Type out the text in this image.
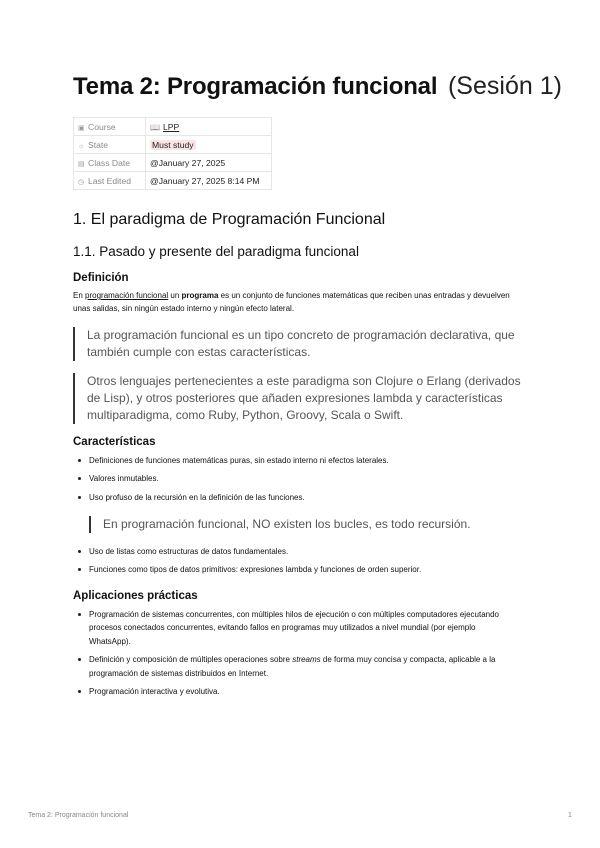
Tema 2: Programación funcional (Sesión 1)
▣ Course	📖 LPP
☼ State	Must study
▤ Class Date	@January 27, 2025
◷ Last Edited	@January 27, 2025 8:14 PM
1. El paradigma de Programación Funcional
1.1. Pasado y presente del paradigma funcional
Definición

En programación funcional un programa es un conjunto de funciones matemáticas que reciben unas entradas y devuelven unas salidas, sin ningún estado interno y ningún efecto lateral.

La programación funcional es un tipo concreto de programación declarativa, que también cumple con estas características.
Otros lenguajes pertenecientes a este paradigma son Clojure o Erlang (derivados de Lisp), y otros posteriores que añaden expresiones lambda y características multiparadigma, como Ruby, Python, Groovy, Scala o Swift.
Características
Definiciones de funciones matemáticas puras, sin estado interno ni efectos laterales.
Valores inmutables.
Uso profuso de la recursión en la definición de las funciones.
En programación funcional, NO existen los bucles, es todo recursión.
Uso de listas como estructuras de datos fundamentales.
Funciones como tipos de datos primitivos: expresiones lambda y funciones de orden superior.
Aplicaciones prácticas
Programación de sistemas concurrentes, con múltiples hilos de ejecución o con múltiples computadores ejecutando procesos conectados concurrentes, evitando fallos en programas muy utilizados a nivel mundial (por ejemplo WhatsApp).
Definición y composición de múltiples operaciones sobre streams de forma muy concisa y compacta, aplicable a la programación de sistemas distribuidos en Internet.
Programación interactiva y evolutiva.
Tema 2: Programación funcional	1
